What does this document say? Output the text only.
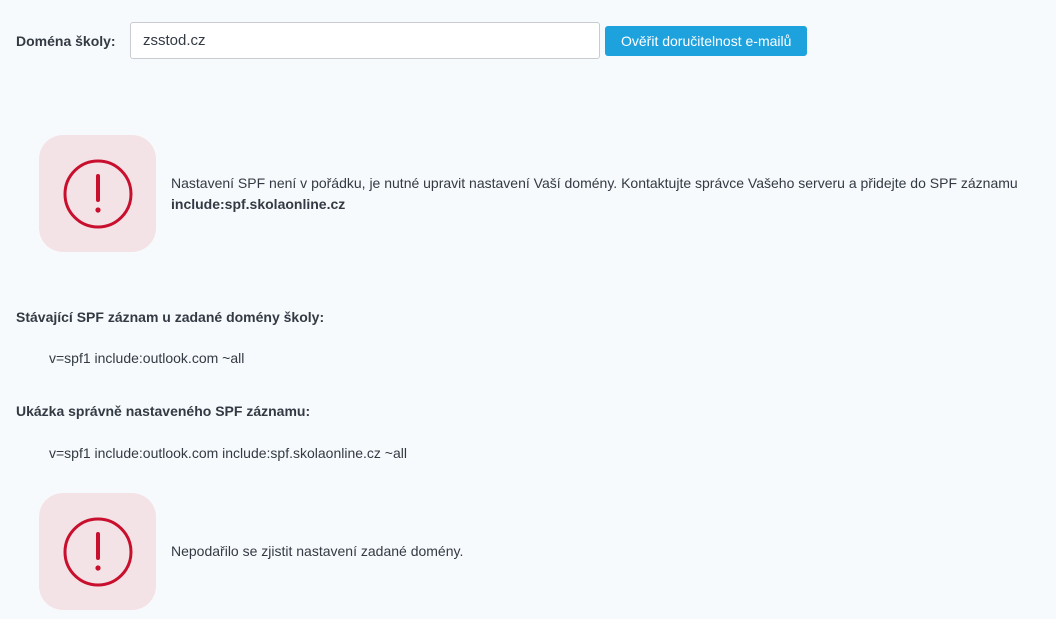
Doména školy:
zsstod.cz	Ověřit doručitelnost e-mailů
Nastavení SPF není v pořádku, je nutné upravit nastavení Vaší domény. Kontaktujte správce Vašeho serveru a přidejte do SPF záznamu
include:spf.skolaonline.cz
Stávající SPF záznam u zadané domény školy:
v=spf1 include:outlook.com ~all
Ukázka správně nastaveného SPF záznamu:
v=spf1 include:outlook.com include:spf.skolaonline.cz ~all
Nepodařilo se zjistit nastavení zadané domény.
